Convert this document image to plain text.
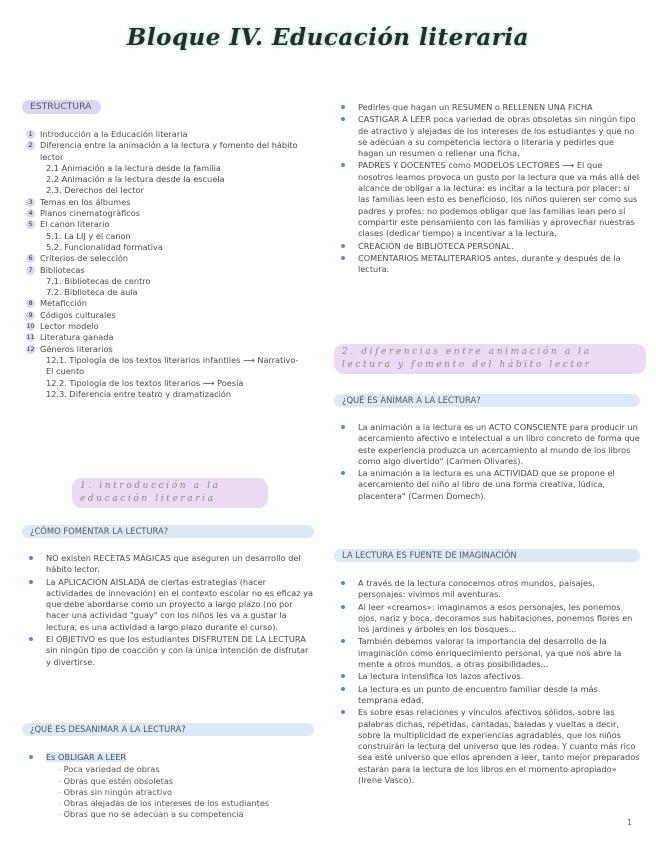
Bloque IV. Educación literaria
ESTRUCTURA
1 Introducción a la Educación literaria
2 Diferencia entre la animación a la lectura y fomento del hábito lector
2.1 Animación a la lectura desde la familia
2.2 Animación a la lectura desde la escuela
2.3. Derechos del lector
3 Temas en los álbumes
4 Planos cinematográficos
5 El canon literario
5.1. La LIJ y el canon
5.2. Funcionalidad formativa
6 Criterios de selección
7 Bibliotecas
7.1. Bibliotecas de centro
7.2. Biblioteca de aula
8 Metaficción
9 Códigos culturales
10 Lector modelo
11 Literatura ganada
12 Géneros literarios
12.1. Tipología de los textos literarios infantiles ⟶ Narrativo-
El cuento
12.2. Tipología de los textos literarios ⟶ Poesía
12.3. Diferencia entre teatro y dramatización
1. introducción a la educación literaria
¿CÓMO FOMENTAR LA LECTURA?
NO existen RECETAS MÁGICAS que aseguren un desarrollo del hábito lector.
La APLICACIÓN AISLADA de ciertas estrategias (hacer actividades de innovación) en el contexto escolar no es eficaz ya que debe abordarse como un proyecto a largo plazo (no por hacer una actividad "guay" con los niños les va a gustar la lectura, es una actividad a largo plazo durante el curso).
El OBJETIVO es que los estudiantes DISFRUTEN DE LA LECTURA sin ningún tipo de coacción y con la única intención de disfrutar y divertirse.
¿QUÉ ES DESANIMAR A LA LECTURA?
Es OBLIGAR A LEER
- Poca variedad de obras
- Obras que estén obsoletas
- Obras sin ningún atractivo
- Obras alejadas de los intereses de los estudiantes
- Obras que no se adecúan a su competencia
Pedirles que hagan un RESUMEN o RELLENEN UNA FICHA
CASTIGAR A LEER poca variedad de obras obsoletas sin ningún tipo de atractivo y alejadas de los intereses de los estudiantes y que no se adecúan a su competencia lectora o literaria y pedirles que hagan un resumen o rellenar una ficha.
PADRES Y DOCENTES como MODELOS LECTORES ⟶ El que nosotros leamos provoca un gusto por la lectura que va más allá del alcance de obligar a la lectura: es incitar a la lectura por placer: si las familias leen esto es beneficioso, los niños quieren ser como sus padres y profes: no podemos obligar que las familias lean pero sí compartir este pensamiento con las familias y aprovechar nuestras clases (dedicar tiempo) a incentivar a la lectura.
CREACIÓN de BIBLIOTECA PERSONAL.
COMENTARIOS METALITERARIOS antes, durante y después de la lectura.
2. diferencias entre animación a la lectura y fomento del hábito lector
¿QUÉ ES ANIMAR A LA LECTURA?
La animación a la lectura es un ACTO CONSCIENTE para producir un acercamiento afectivo e intelectual a un libro concreto de forma que este experiencia produzca un acercamiento al mundo de los libros como algo divertido" (Carmen Olivares).
La animación a la lectura es una ACTIVIDAD que se propone el acercamiento del niño al libro de una forma creativa, lúdica, placentera" (Carmen Domech).
LA LECTURA ES FUENTE DE IMAGINACIÓN
A través de la lectura conocemos otros mundos, paisajes, personajes: vivimos mil aventuras.
Al leer «creamos»: imaginamos a esos personajes, les ponemos ojos, nariz y boca, decoramos sus habitaciones, ponemos flores en los jardines y árboles en los bosques...
También debemos valorar la importancia del desarrollo de la imaginación como enriquecimiento personal, ya que nos abre la mente a otros mundos, a otras posibilidades...
La lectura intensifica los lazos afectivos.
La lectura es un punto de encuentro familiar desde la más temprana edad.
Es sobre esas relaciones y vínculos afectivos sólidos, sobre las palabras dichas, repetidas, cantadas, baladas y vueltas a decir, sobre la multiplicidad de experiencias agradables, que los niños construirán la lectura del universo que les rodea. Y cuanto más rico sea este universo que ellos aprenden a leer, tanto mejor preparados estarán para la lectura de los libros en el momento apropiado» (Irene Vasco).
1
